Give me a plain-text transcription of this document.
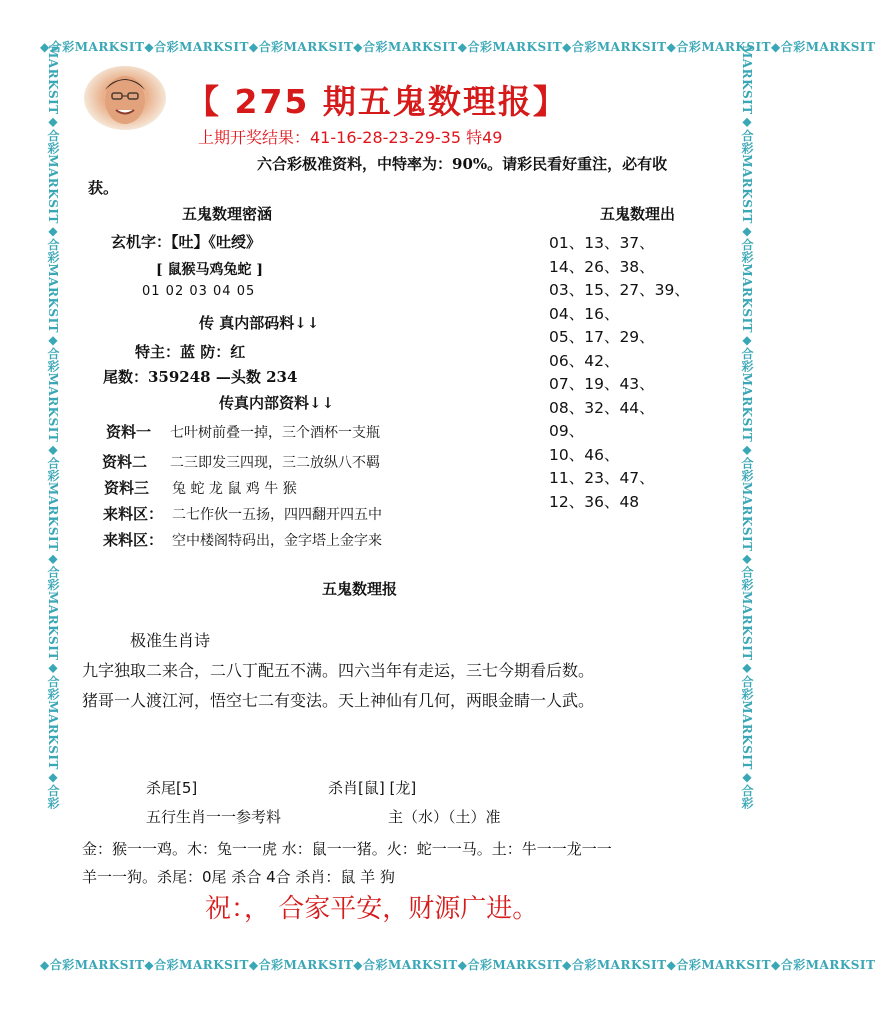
◆合彩MARKSIT◆合彩MARKSIT◆合彩MARKSIT◆合彩MARKSIT◆合彩MARKSIT◆合彩MARKSIT◆合彩MARKSIT◆合彩MARKSIT
◆合彩MARKSIT◆合彩MARKSIT◆合彩MARKSIT◆合彩MARKSIT◆合彩MARKSIT◆合彩MARKSIT◆合彩MARKSIT◆合彩MARKSIT
MARKSIT◆合彩MARKSIT◆合彩MARKSIT◆合彩MARKSIT◆合彩MARKSIT◆合彩MARKSIT◆合彩MARKSIT◆合彩	MARKSIT◆合彩MARKSIT◆合彩MARKSIT◆合彩MARKSIT◆合彩MARKSIT◆合彩MARKSIT◆合彩MARKSIT◆合彩
【 275 期五鬼数理报】
上期开奖结果：41-16-28-23-29-35 特49
六合彩极准资料，中特率为：90%。请彩民看好重注，必有收
获。
五鬼数理密涵
玄机字：【吐】《吐绶》
[ 鼠猴马鸡兔蛇 ]
01 02 03 04 05
传 真内部码料↓↓
特主：蓝 防：红
尾数：359248 —头数 234
传真内部资料↓↓
资料一 七叶树前叠一掉，三个酒杯一支瓶
资料二 二三即发三四现，三二放纵八不羁
资料三 兔 蛇 龙 鼠 鸡 牛 猴
来料区： 二七作伙一五扬，四四翻开四五中
来料区： 空中楼阁特码出，金字塔上金字来
五鬼数理出
01、13、37、
14、26、38、
03、15、27、39、
04、16、
05、17、29、
06、42、
07、19、43、
08、32、44、
09、
10、46、
11、23、47、
12、36、48
五鬼数理报
极准生肖诗
九字独取二来合，二八丁配五不满。四六当年有走运，三七今期看后数。
猪哥一人渡江河，悟空七二有变法。天上神仙有几何，两眼金睛一人武。
杀尾[5]	杀肖[鼠] [龙]
五行生肖一一参考料	主（水）（土）准
金：猴一一鸡。木：兔一一虎 水：鼠一一猪。火：蛇一一马。土：牛一一龙一一
羊一一狗。杀尾：0尾 杀合 4合 杀肖：鼠 羊 狗
祝：， 合家平安，财源广进。
